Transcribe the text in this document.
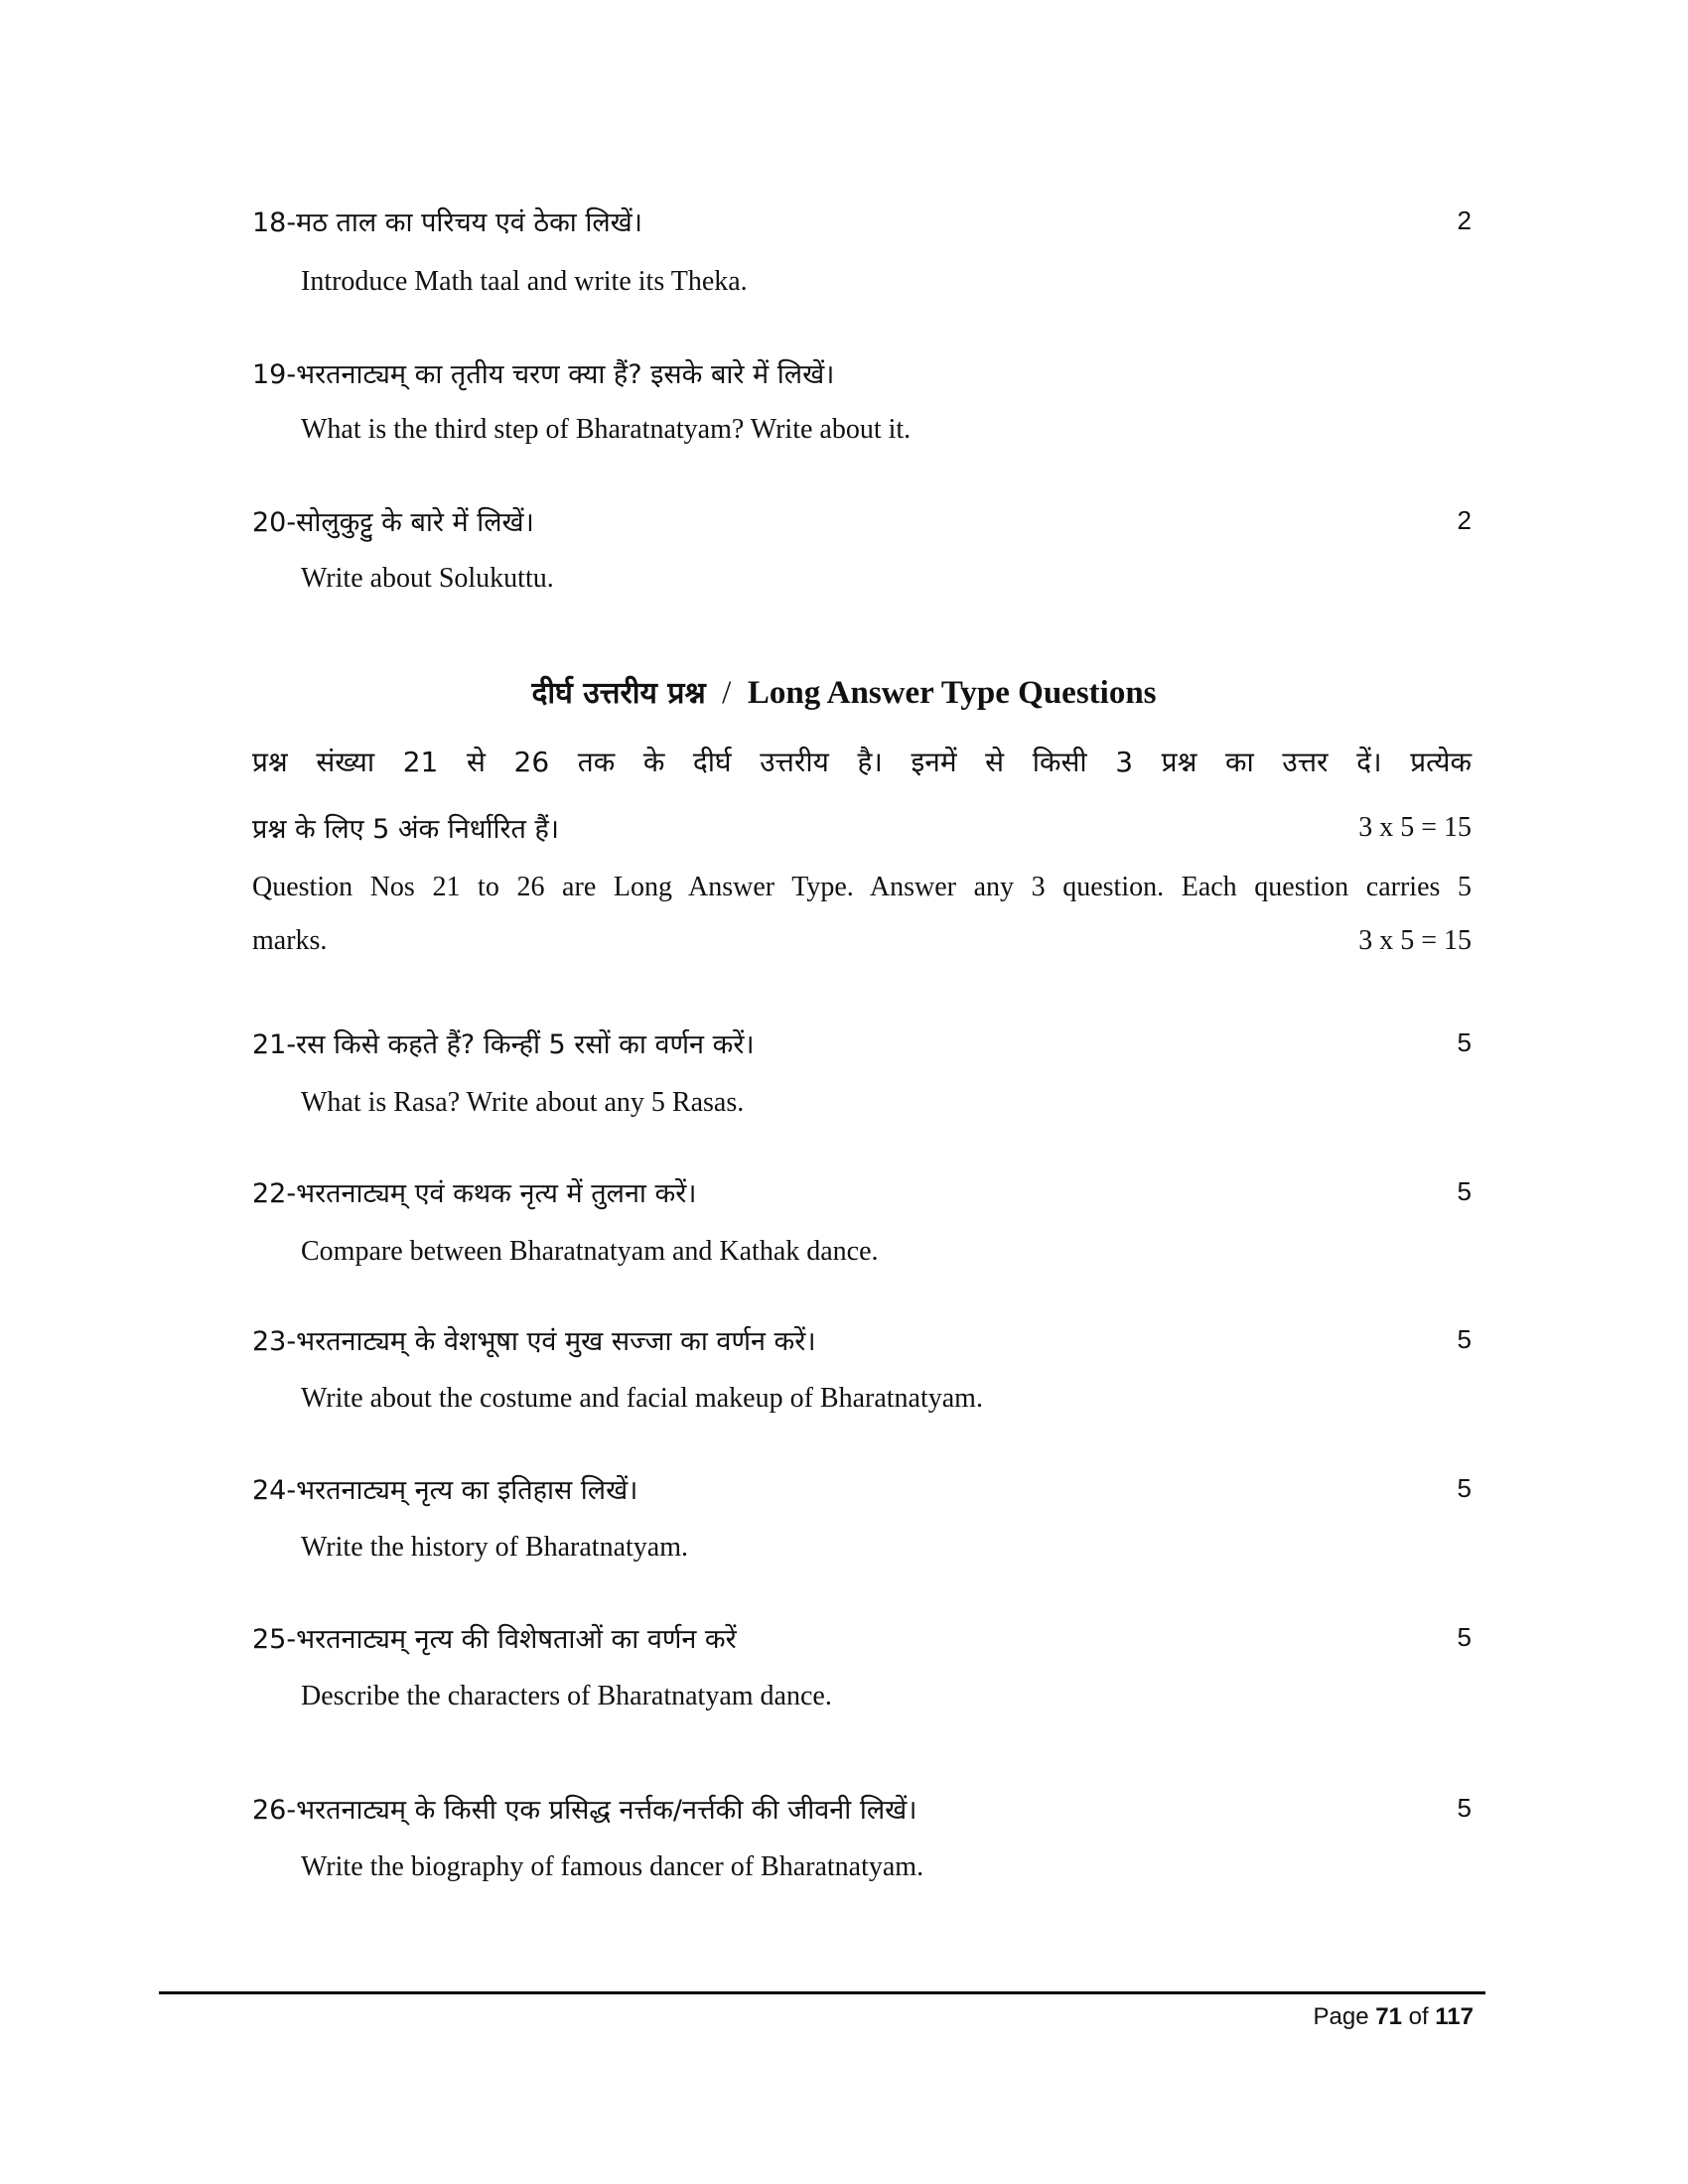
18-मठ ताल का परिचय एवं ठेका लिखें।	2
Introduce Math taal and write its Theka.
19-भरतनाट्यम् का तृतीय चरण क्या हैं? इसके बारे में लिखें।
What is the third step of Bharatnatyam? Write about it.
20-सोलुकुट्टु के बारे में लिखें।	2
Write about Solukuttu.
दीर्घ उत्तरीय प्रश्न / Long Answer Type Questions
प्रश्न संख्या 21 से 26 तक के दीर्घ उत्तरीय है। इनमें से किसी 3 प्रश्न का उत्तर दें। प्रत्येक
प्रश्न के लिए 5 अंक निर्धारित हैं।	3 x 5 = 15
Question Nos 21 to 26 are Long Answer Type. Answer any 3 question. Each question carries 5
marks.	3 x 5 = 15
21-रस किसे कहते हैं? किन्हीं 5 रसों का वर्णन करें।	5
What is Rasa? Write about any 5 Rasas.
22-भरतनाट्यम् एवं कथक नृत्य में तुलना करें।	5
Compare between Bharatnatyam and Kathak dance.
23-भरतनाट्यम् के वेशभूषा एवं मुख सज्जा का वर्णन करें।	5
Write about the costume and facial makeup of Bharatnatyam.
24-भरतनाट्यम् नृत्य का इतिहास लिखें।	5
Write the history of Bharatnatyam.
25-भरतनाट्यम् नृत्य की विशेषताओं का वर्णन करें	5
Describe the characters of Bharatnatyam dance.
26-भरतनाट्यम् के किसी एक प्रसिद्ध नर्त्तक/नर्त्तकी की जीवनी लिखें।	5
Write the biography of famous dancer of Bharatnatyam.
Page 71 of 117
